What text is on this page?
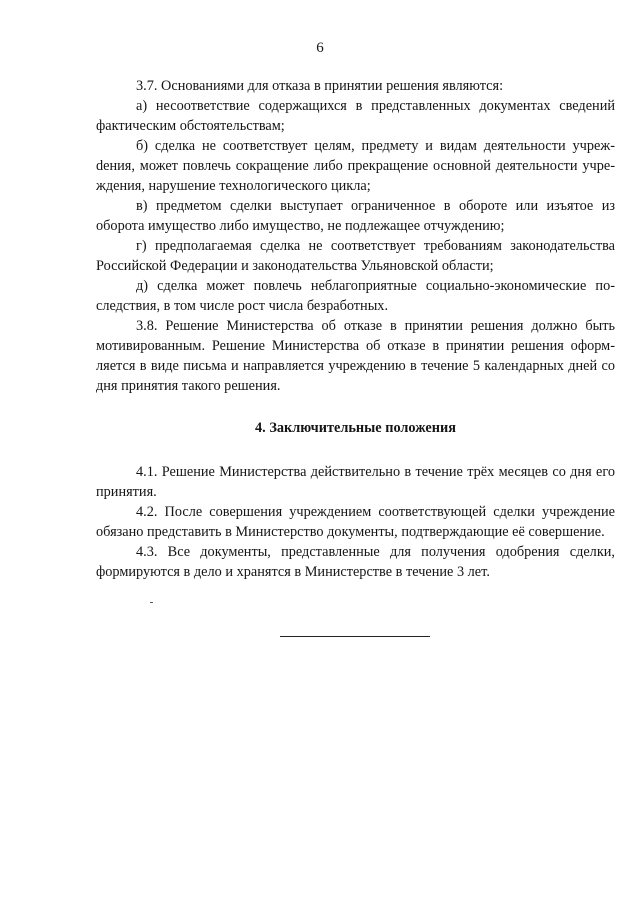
6

3.7. Основаниями для отказа в принятии решения являются:

а) несоответствие содержащихся в представленных документах сведений фактическим обстоятельствам;

б) сделка не соответствует целям, предмету и видам деятельности учрежdения, может повлечь сокращение либо прекращение основной деятельности учреждения, нарушение технологического цикла;

в) предметом сделки выступает ограниченное в обороте или изъятое из оборота имущество либо имущество, не подлежащее отчуждению;

г) предполагаемая сделка не соответствует требованиям законодательства Российской Федерации и законодательства Ульяновской области;

д) сделка может повлечь неблагоприятные социально-экономические последствия, в том числе рост числа безработных.

3.8. Решение Министерства об отказе в принятии решения должно быть мотивированным. Решение Министерства об отказе в принятии решения оформляется в виде письма и направляется учреждению в течение 5 календарных дней со дня принятия такого решения.

4. Заключительные положения

4.1. Решение Министерства действительно в течение трёх месяцев со дня его принятия.

4.2. После совершения учреждением соответствующей сделки учреждение обязано представить в Министерство документы, подтверждающие её совершение.

4.3. Все документы, представленные для получения одобрения сделки, формируются в дело и хранятся в Министерстве в течение 3 лет.
